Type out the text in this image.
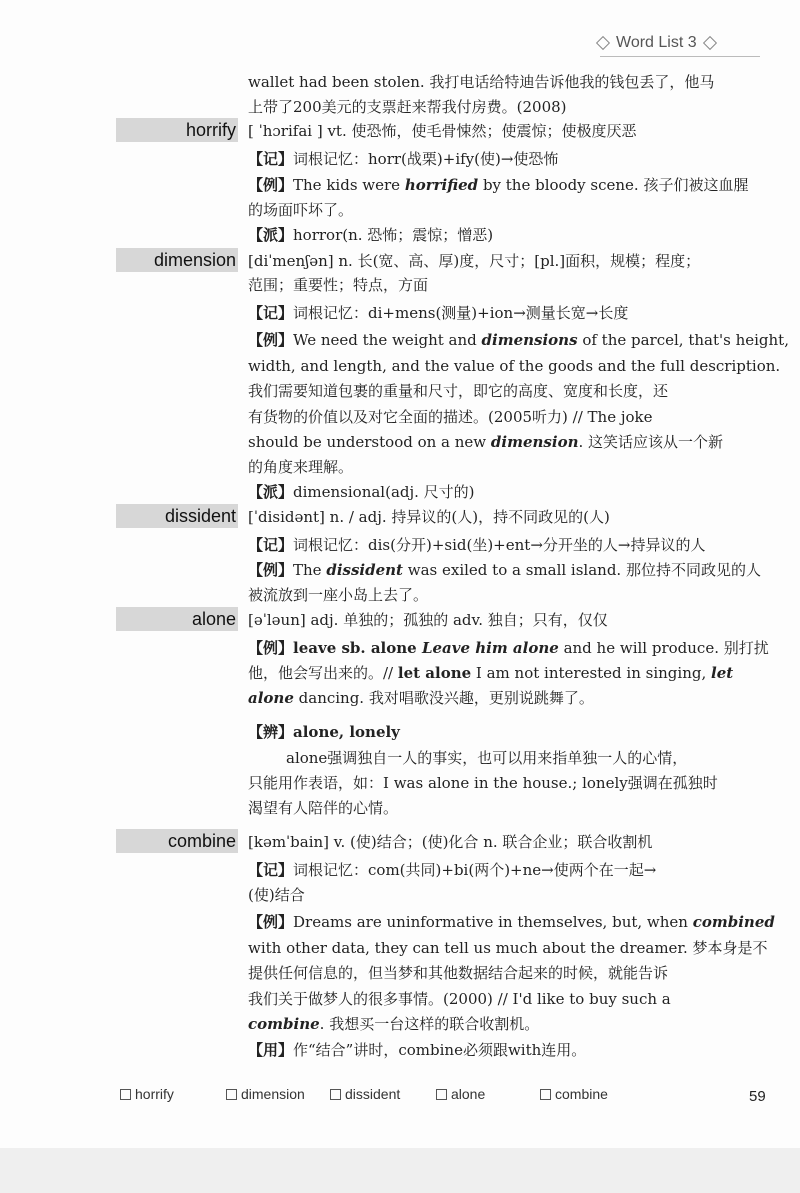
Word List 3
wallet had been stolen. 我打电话给特迪告诉他我的钱包丢了，他马
上带了200美元的支票赶来帮我付房费。(2008)
horrify [ ˈhɔrifai ] vt. 使恐怖，使毛骨悚然；使震惊；使极度厌恶
【记】词根记忆：horr(战栗)+ify(使)→使恐怖
【例】The kids were horrified by the bloody scene. 孩子们被这血腥
的场面吓坏了。
【派】horror(n. 恐怖；震惊；憎恶)
dimension [diˈmenʃən] n. 长(宽、高、厚)度，尺寸；[pl.]面积，规模；程度；
范围；重要性；特点，方面
【记】词根记忆：di+mens(测量)+ion→测量长宽→长度
【例】We need the weight and dimensions of the parcel, that's height,
width, and length, and the value of the goods and the full description.
我们需要知道包裹的重量和尺寸，即它的高度、宽度和长度，还
有货物的价值以及对它全面的描述。(2005听力) // The joke
should be understood on a new dimension. 这笑话应该从一个新
的角度来理解。
【派】dimensional(adj. 尺寸的)
dissident [ˈdisidənt] n. / adj. 持异议的(人)，持不同政见的(人)
【记】词根记忆：dis(分开)+sid(坐)+ent→分开坐的人→持异议的人
【例】The dissident was exiled to a small island. 那位持不同政见的人
被流放到一座小岛上去了。
alone [əˈləun] adj. 单独的；孤独的 adv. 独自；只有，仅仅
【例】leave sb. alone Leave him alone and he will produce. 别打扰
他，他会写出来的。// let alone I am not interested in singing, let
alone dancing. 我对唱歌没兴趣，更别说跳舞了。
【辨】alone, lonely
alone强调独自一人的事实，也可以用来指单独一人的心情，
只能用作表语，如：I was alone in the house.; lonely强调在孤独时
渴望有人陪伴的心情。
combine [kəmˈbain] v. (使)结合；(使)化合 n. 联合企业；联合收割机
【记】词根记忆：com(共同)+bi(两个)+ne→使两个在一起→
(使)结合
【例】Dreams are uninformative in themselves, but, when combined
with other data, they can tell us much about the dreamer. 梦本身是不
提供任何信息的，但当梦和其他数据结合起来的时候，就能告诉
我们关于做梦人的很多事情。(2000) // I'd like to buy such a
combine. 我想买一台这样的联合收割机。
【用】作“结合”讲时，combine必须跟with连用。
horrify	dimension	dissident	alone	combine	59
